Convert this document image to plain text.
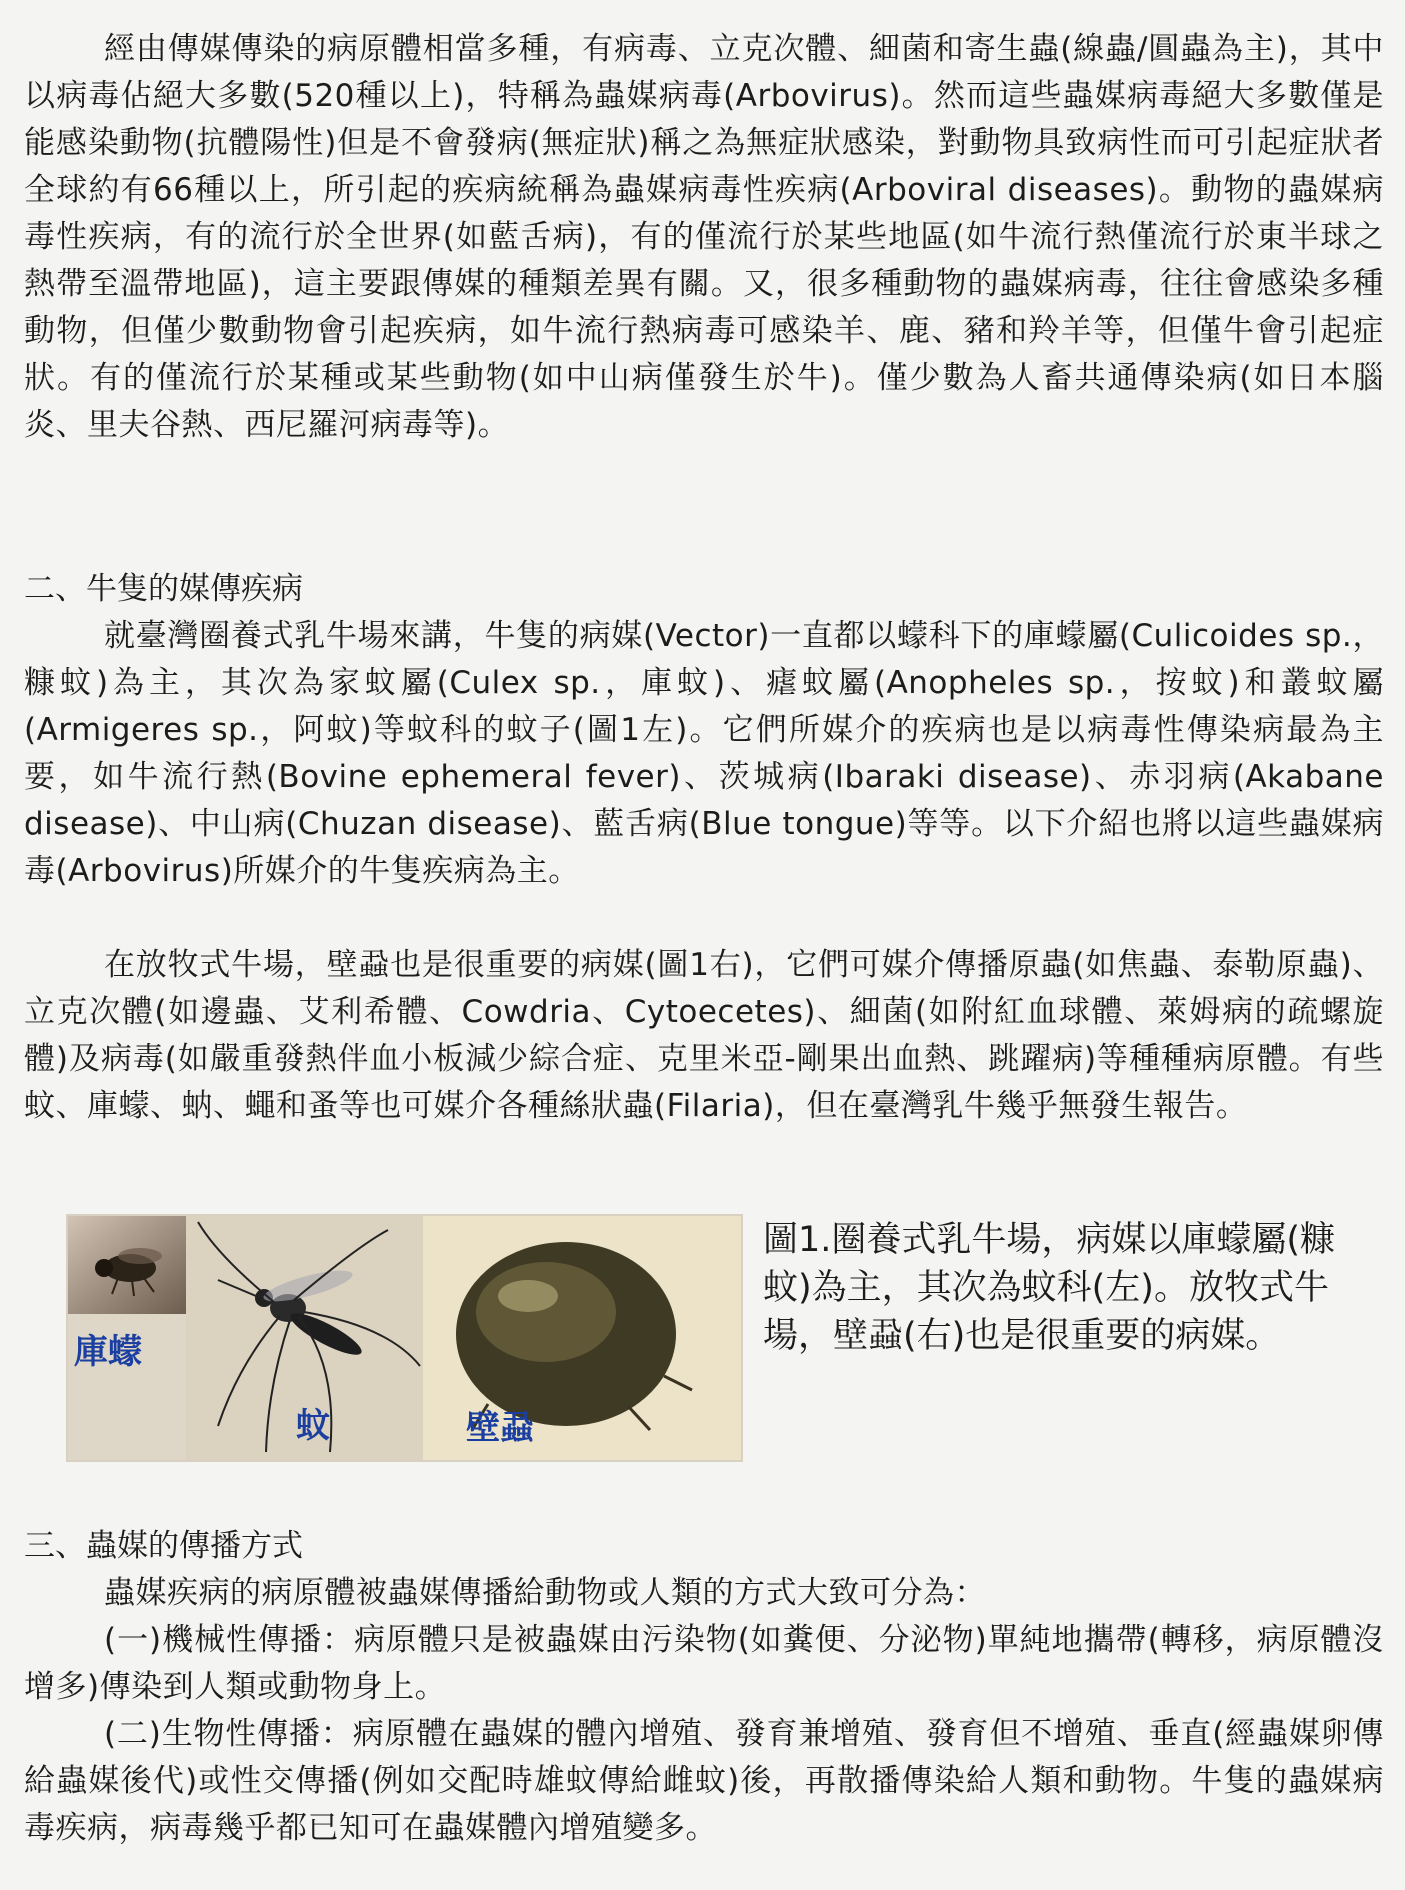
經由傳媒傳染的病原體相當多種，有病毒、立克次體、細菌和寄生蟲(線蟲/圓蟲為主)，其中以病毒佔絕大多數(520種以上)，特稱為蟲媒病毒(Arbovirus)。然而這些蟲媒病毒絕大多數僅是能感染動物(抗體陽性)但是不會發病(無症狀)稱之為無症狀感染，對動物具致病性而可引起症狀者全球約有66種以上，所引起的疾病統稱為蟲媒病毒性疾病(Arboviral diseases)。動物的蟲媒病毒性疾病，有的流行於全世界(如藍舌病)，有的僅流行於某些地區(如牛流行熱僅流行於東半球之熱帶至溫帶地區)，這主要跟傳媒的種類差異有關。又，很多種動物的蟲媒病毒，往往會感染多種動物，但僅少數動物會引起疾病，如牛流行熱病毒可感染羊、鹿、豬和羚羊等，但僅牛會引起症狀。有的僅流行於某種或某些動物(如中山病僅發生於牛)。僅少數為人畜共通傳染病(如日本腦炎、里夫谷熱、西尼羅河病毒等)。

二、牛隻的媒傳疾病

就臺灣圈養式乳牛場來講，牛隻的病媒(Vector)一直都以蠓科下的庫蠓屬(Culicoides sp.，糠蚊)為主，其次為家蚊屬(Culex sp.，庫蚊)、瘧蚊屬(Anopheles sp.，按蚊)和叢蚊屬(Armigeres sp.，阿蚊)等蚊科的蚊子(圖1左)。它們所媒介的疾病也是以病毒性傳染病最為主要，如牛流行熱(Bovine ephemeral fever)、茨城病(Ibaraki disease)、赤羽病(Akabane disease)、中山病(Chuzan disease)、藍舌病(Blue tongue)等等。以下介紹也將以這些蟲媒病毒(Arbovirus)所媒介的牛隻疾病為主。

在放牧式牛場，壁蝨也是很重要的病媒(圖1右)，它們可媒介傳播原蟲(如焦蟲、泰勒原蟲)、立克次體(如邊蟲、艾利希體、Cowdria、Cytoecetes)、細菌(如附紅血球體、萊姆病的疏螺旋體)及病毒(如嚴重發熱伴血小板減少綜合症、克里米亞-剛果出血熱、跳躍病)等種種病原體。有些蚊、庫蠓、蚋、蠅和蚤等也可媒介各種絲狀蟲(Filaria)，但在臺灣乳牛幾乎無發生報告。

庫蠓
蚊	壁蝨

圖1.圈養式乳牛場，病媒以庫蠓屬(糠蚊)為主，其次為蚊科(左)。放牧式牛場，壁蝨(右)也是很重要的病媒。

三、蟲媒的傳播方式

蟲媒疾病的病原體被蟲媒傳播給動物或人類的方式大致可分為：

(一)機械性傳播：病原體只是被蟲媒由污染物(如糞便、分泌物)單純地攜帶(轉移，病原體沒增多)傳染到人類或動物身上。

(二)生物性傳播：病原體在蟲媒的體內增殖、發育兼增殖、發育但不增殖、垂直(經蟲媒卵傳給蟲媒後代)或性交傳播(例如交配時雄蚊傳給雌蚊)後，再散播傳染給人類和動物。牛隻的蟲媒病毒疾病，病毒幾乎都已知可在蟲媒體內增殖變多。
